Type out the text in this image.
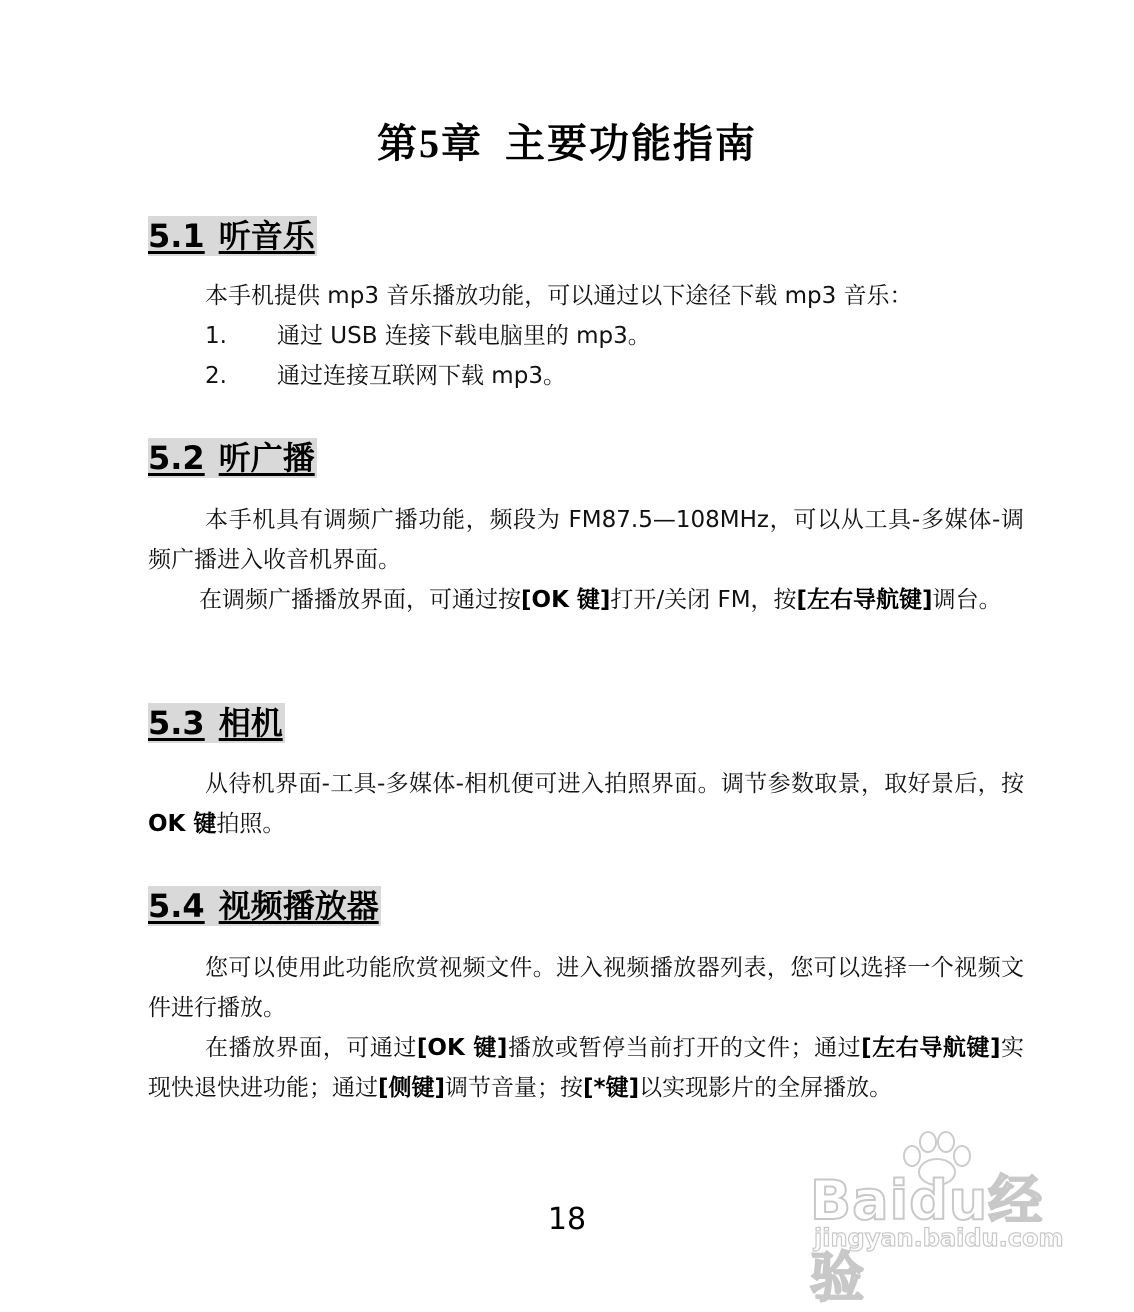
第5章 主要功能指南
5.1 听音乐

本手机提供 mp3 音乐播放功能，可以通过以下途径下载 mp3 音乐：

1. 通过 USB 连接下载电脑里的 mp3。

2. 通过连接互联网下载 mp3。

5.2 听广播

本手机具有调频广播功能，频段为 FM87.5—108MHz，可以从工具-多媒体-调频广播进入收音机界面。

在调频广播播放界面，可通过按[OK 键]打开/关闭 FM，按[左右导航键]调台。

5.3 相机

从待机界面-工具-多媒体-相机便可进入拍照界面。调节参数取景，取好景后，按 OK 键拍照。

5.4 视频播放器

您可以使用此功能欣赏视频文件。进入视频播放器列表，您可以选择一个视频文件进行播放。

在播放界面，可通过[OK 键]播放或暂停当前打开的文件；通过[左右导航键]实现快退快进功能；通过[侧键]调节音量；按[*键]以实现影片的全屏播放。

18	Baidu经验
jingyan.baidu.com
